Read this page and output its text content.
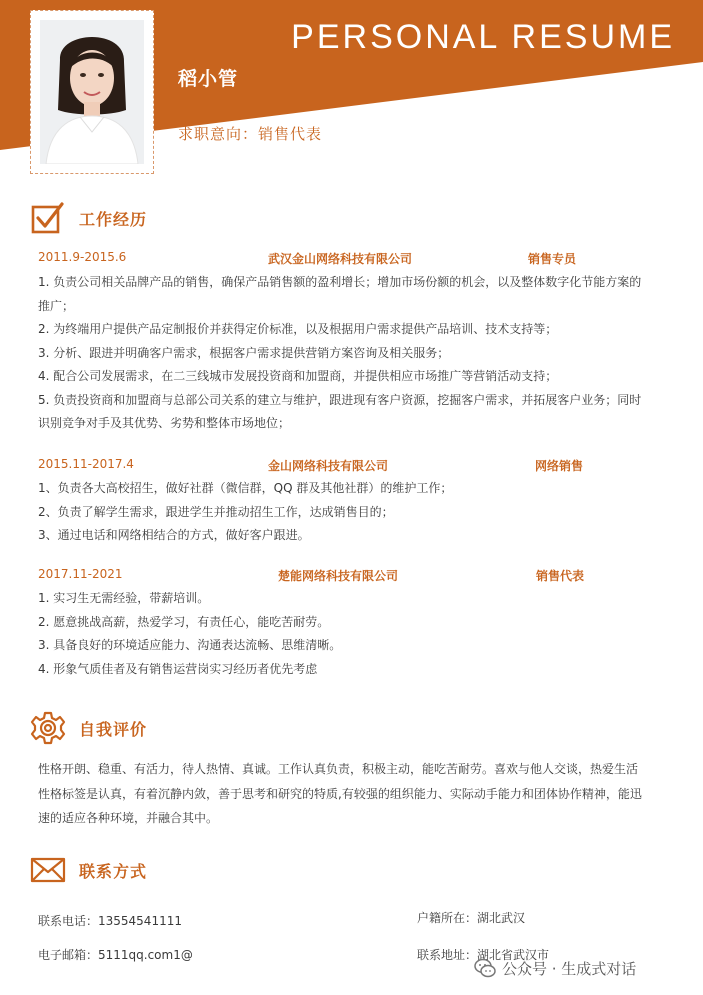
PERSONAL RESUME
稻小管
求职意向：销售代表
工作经历
2011.9-2015.6	武汉金山网络科技有限公司	销售专员

1. 负责公司相关品牌产品的销售，确保产品销售额的盈利增长；增加市场份额的机会，以及整体数字化节能方案的

推广；

2. 为终端用户提供产品定制报价并获得定价标准，以及根据用户需求提供产品培训、技术支持等；

3. 分析、跟进并明确客户需求，根据客户需求提供营销方案咨询及相关服务；

4. 配合公司发展需求，在二三线城市发展投资商和加盟商，并提供相应市场推广等营销活动支持；

5. 负责投资商和加盟商与总部公司关系的建立与维护，跟进现有客户资源，挖掘客户需求，并拓展客户业务；同时

识别竞争对手及其优势、劣势和整体市场地位；

2015.11-2017.4	金山网络科技有限公司	网络销售

1、负责各大高校招生，做好社群（微信群，QQ 群及其他社群）的维护工作；

2、负责了解学生需求，跟进学生并推动招生工作，达成销售目的；

3、通过电话和网络相结合的方式，做好客户跟进。

2017.11-2021	楚能网络科技有限公司	销售代表

1. 实习生无需经验，带薪培训。

2. 愿意挑战高薪，热爱学习，有责任心，能吃苦耐劳。

3. 具备良好的环境适应能力、沟通表达流畅、思维清晰。

4. 形象气质佳者及有销售运营岗实习经历者优先考虑

自我评价

性格开朗、稳重、有活力，待人热情、真诚。工作认真负责，积极主动，能吃苦耐劳。喜欢与他人交谈，热爱生活

性格标签是认真，有着沉静内敛，善于思考和研究的特质,有较强的组织能力、实际动手能力和团体协作精神，能迅

速的适应各种环境，并融合其中。

联系方式
联系电话：13554541111	户籍所在：湖北武汉
电子邮箱：5111qq.com1@	联系地址：湖北省武汉市
公众号 · 生成式对话
